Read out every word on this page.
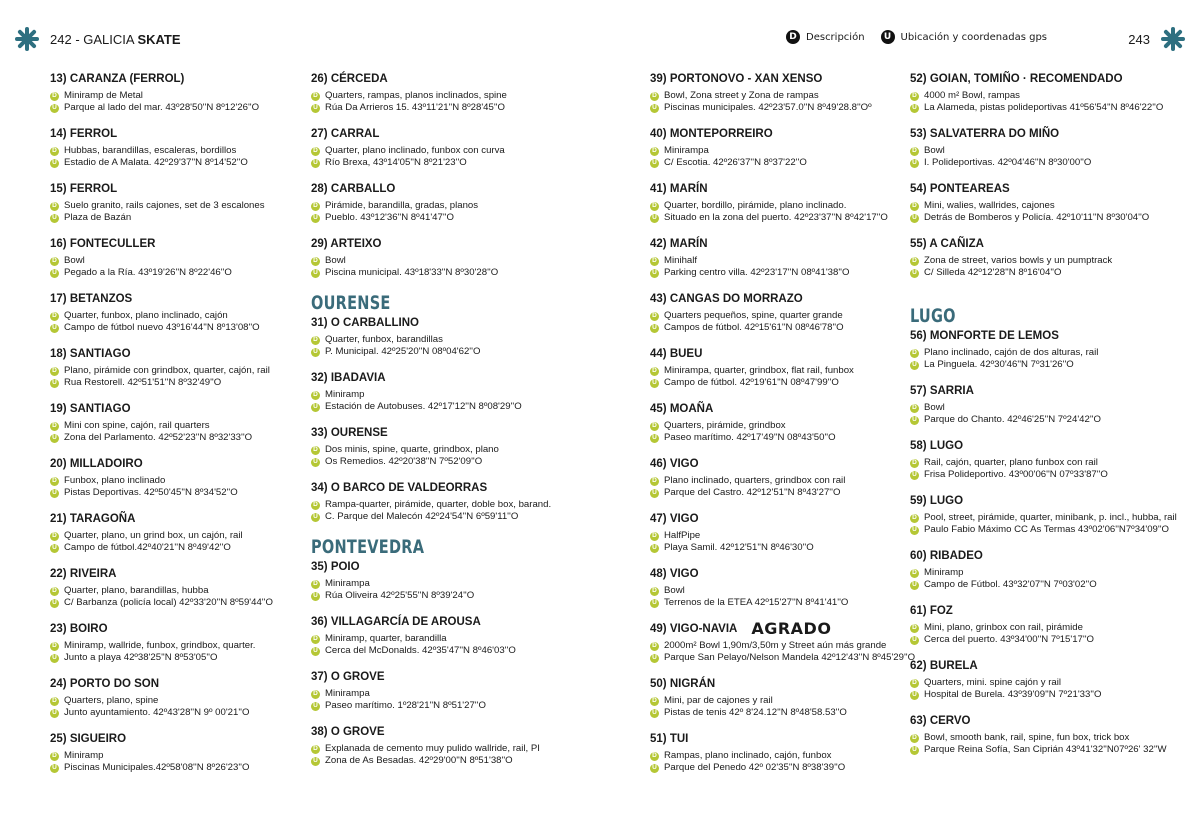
242 - GALICIA SKATE	D Descripción	U Ubicación y coordenadas gps	243
13) CARANZA (FERROL)
D Miniramp de Metal
U Parque al lado del mar. 43º28'50''N 8º12'26''O
14) FERROL
D Hubbas, barandillas, escaleras, bordillos
U Estadio de A Malata. 42º29'37''N 8º14'52''O
15) FERROL
D Suelo granito, rails cajones, set de 3 escalones
U Plaza de Bazán
16) FONTECULLER
D Bowl
U Pegado a la Ría. 43º19'26''N 8º22'46''O
17) BETANZOS
D Quarter, funbox, plano inclinado, cajón
U Campo de fútbol nuevo 43º16'44''N 8º13'08''O
18) SANTIAGO
D Plano, pirámide con grindbox, quarter, cajón, rail
U Rua Restorell. 42º51'51''N 8º32'49''O
19) SANTIAGO
D Mini con spine, cajón, rail quarters
U Zona del Parlamento. 42º52'23''N 8º32'33''O
20) MILLADOIRO
D Funbox, plano inclinado
U Pistas Deportivas. 42º50'45''N 8º34'52''O
21) TARAGOÑA
D Quarter, plano, un grind box, un cajón, rail
U Campo de fútbol.42º40'21''N 8º49'42''O
22) RIVEIRA
D Quarter, plano, barandillas, hubba
U C/ Barbanza (policía local) 42º33'20''N 8º59'44''O
23) BOIRO
D Miniramp, wallride, funbox, grindbox, quarter.
U Junto a playa 42º38'25''N 8º53'05''O
24) PORTO DO SON
D Quarters, plano, spine
U Junto ayuntamiento. 42º43'28''N 9º 00'21''O
25) SIGUEIRO
D Miniramp
U Piscinas Municipales.42º58'08''N 8º26'23''O
26) CÉRCEDA
D Quarters, rampas, planos inclinados, spine
U Rúa Da Arrieros 15. 43º11'21''N 8º28'45''O
27) CARRAL
D Quarter, plano inclinado, funbox con curva
U Río Brexa, 43º14'05''N 8º21'23''O
28) CARBALLO
D Pirámide, barandilla, gradas, planos
U Pueblo. 43º12'36''N 8º41'47''O
29) ARTEIXO
D Bowl
U Piscina municipal. 43º18'33''N 8º30'28''O
OURENSE
31) O CARBALLINO
D Quarter, funbox, barandillas
U P. Municipal. 42º25'20''N 08º04'62''O
32) IBADAVIA
D Miniramp
U Estación de Autobuses. 42º17'12''N 8º08'29''O
33) OURENSE
D Dos minis, spine, quarte, grindbox, plano
U Os Remedios. 42º20'38''N 7º52'09''O
34) O BARCO DE VALDEORRAS
D Rampa-quarter, pirámide, quarter, doble box, barand.
U C. Parque del Malecón 42º24'54''N 6º59'11''O
PONTEVEDRA
35) POIO
D Minirampa
U Rúa Oliveira 42º25'55''N 8º39'24''O
36) VILLAGARCÍA DE AROUSA
D Miniramp, quarter, barandilla
U Cerca del McDonalds. 42º35'47''N 8º46'03''O
37) O GROVE
D Minirampa
U Paseo marítimo. 1º28'21''N 8º51'27''O
38) O GROVE
D Explanada de cemento muy pulido wallride, rail, PI
U Zona de As Besadas. 42º29'00''N 8º51'38''O
39) PORTONOVO - XAN XENSO
D Bowl, Zona street y Zona de rampas
U Piscinas municipales. 42º23'57.0''N 8º49'28.8''Oº
40) MONTEPORREIRO
D Minirampa
U C/ Escotia. 42º26'37''N 8º37'22''O
41) MARÍN
D Quarter, bordillo, pirámide, plano inclinado.
U Situado en la zona del puerto. 42º23'37''N 8º42'17''O
42) MARÍN
D Minihalf
U Parking centro villa. 42º23'17''N 08º41'38''O
43) CANGAS DO MORRAZO
D Quarters pequeños, spine, quarter grande
U Campos de fútbol. 42º15'61''N 08º46'78''O
44) BUEU
D Minirampa, quarter, grindbox, flat rail, funbox
U Campo de fútbol. 42º19'61''N 08º47'99''O
45) MOAÑA
D Quarters, pirámide, grindbox
U Paseo marítimo. 42º17'49''N 08º43'50''O
46) VIGO
D Plano inclinado, quarters, grindbox con rail
U Parque del Castro. 42º12'51''N 8º43'27''O
47) VIGO
D HalfPipe
U Playa Samil. 42º12'51''N 8º46'30''O
48) VIGO
D Bowl
U Terrenos de la ETEA 42º15'27''N 8º41'41''O
49) VIGO-NAVIA AGRADO
D 2000m² Bowl 1,90m/3,50m y Street aún más grande
U Parque San Pelayo/Nelson Mandela 42º12'43''N 8º45'29''O
50) NIGRÁN
D Mini, par de cajones y rail
U Pistas de tenis 42º 8'24.12''N 8º48'58.53''O
51) TUI
D Rampas, plano inclinado, cajón, funbox
U Parque del Penedo 42º 02'35''N 8º38'39''O
52) GOIAN, TOMIÑO · RECOMENDADO
D 4000 m² Bowl, rampas
U La Alameda, pistas polideportivas 41º56'54''N 8º46'22''O
53) SALVATERRA DO MIÑO
D Bowl
U I. Polideportivas. 42º04'46''N 8º30'00''O
54) PONTEAREAS
D Mini, walies, wallrides, cajones
U Detrás de Bomberos y Policía. 42º10'11''N 8º30'04''O
55) A CAÑIZA
D Zona de street, varios bowls y un pumptrack
U C/ Silleda 42º12'28''N 8º16'04''O
LUGO
56) MONFORTE DE LEMOS
D Plano inclinado, cajón de dos alturas, rail
U La Pinguela. 42º30'46''N 7º31'26''O
57) SARRIA
D Bowl
U Parque do Chanto. 42º46'25''N 7º24'42''O
58) LUGO
D Rail, cajón, quarter, plano funbox con rail
U Frisa Polideportivo. 43º00'06''N 07º33'87''O
59) LUGO
D Pool, street, pirámide, quarter, minibank, p. incl., hubba, rail
U Paulo Fabio Máximo CC As Termas 43º02'06''N7º34'09''O
60) RIBADEO
D Miniramp
U Campo de Fútbol. 43º32'07''N 7º03'02''O
61) FOZ
D Mini, plano, grinbox con rail, pirámide
U Cerca del puerto. 43º34'00''N 7º15'17''O
62) BURELA
D Quarters, mini. spine cajón y rail
U Hospital de Burela. 43º39'09''N 7º21'33''O
63) CERVO
D Bowl, smooth bank, rail, spine, fun box, trick box
U Parque Reina Sofía, San Ciprián 43º41'32''N07º26' 32''W
